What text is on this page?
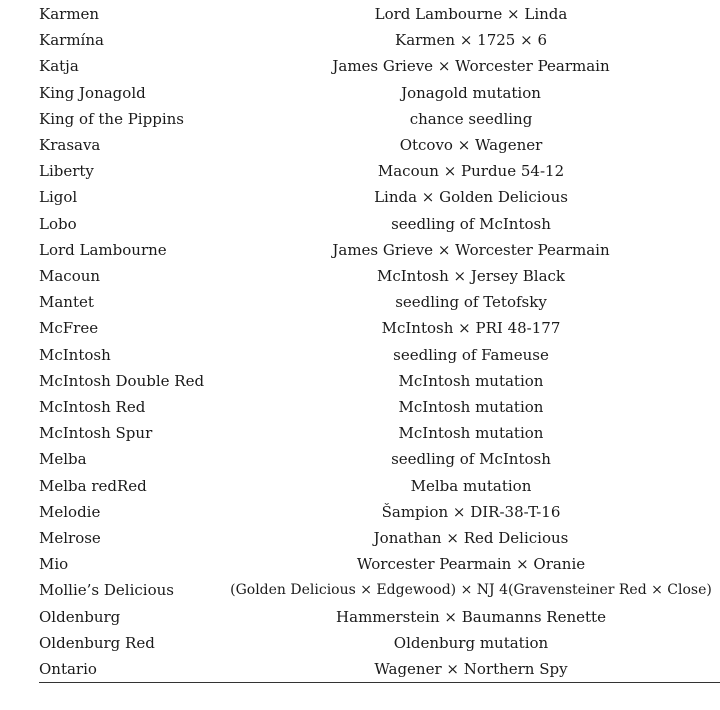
Karmen	Lord Lambourne × Linda
Karmína	Karmen × 1725 × 6
Katja	James Grieve × Worcester Pearmain
King Jonagold	Jonagold mutation
King of the Pippins	chance seedling
Krasava	Otcovo × Wagener
Liberty	Macoun × Purdue 54-12
Ligol	Linda × Golden Delicious
Lobo	seedling of McIntosh
Lord Lambourne	James Grieve × Worcester Pearmain
Macoun	McIntosh × Jersey Black
Mantet	seedling of Tetofsky
McFree	McIntosh × PRI 48-177
McIntosh	seedling of Fameuse
McIntosh Double Red	McIntosh mutation
McIntosh Red	McIntosh mutation
McIntosh Spur	McIntosh mutation
Melba	seedling of McIntosh
Melba redRed	Melba mutation
Melodie	Šampion × DIR-38-T-16
Melrose	Jonathan × Red Delicious
Mio	Worcester Pearmain × Oranie
Mollie’s Delicious	(Golden Delicious × Edgewood) × NJ 4(Gravensteiner Red × Close)
Oldenburg	Hammerstein × Baumanns Renette
Oldenburg Red	Oldenburg mutation
Ontario	Wagener × Northern Spy
